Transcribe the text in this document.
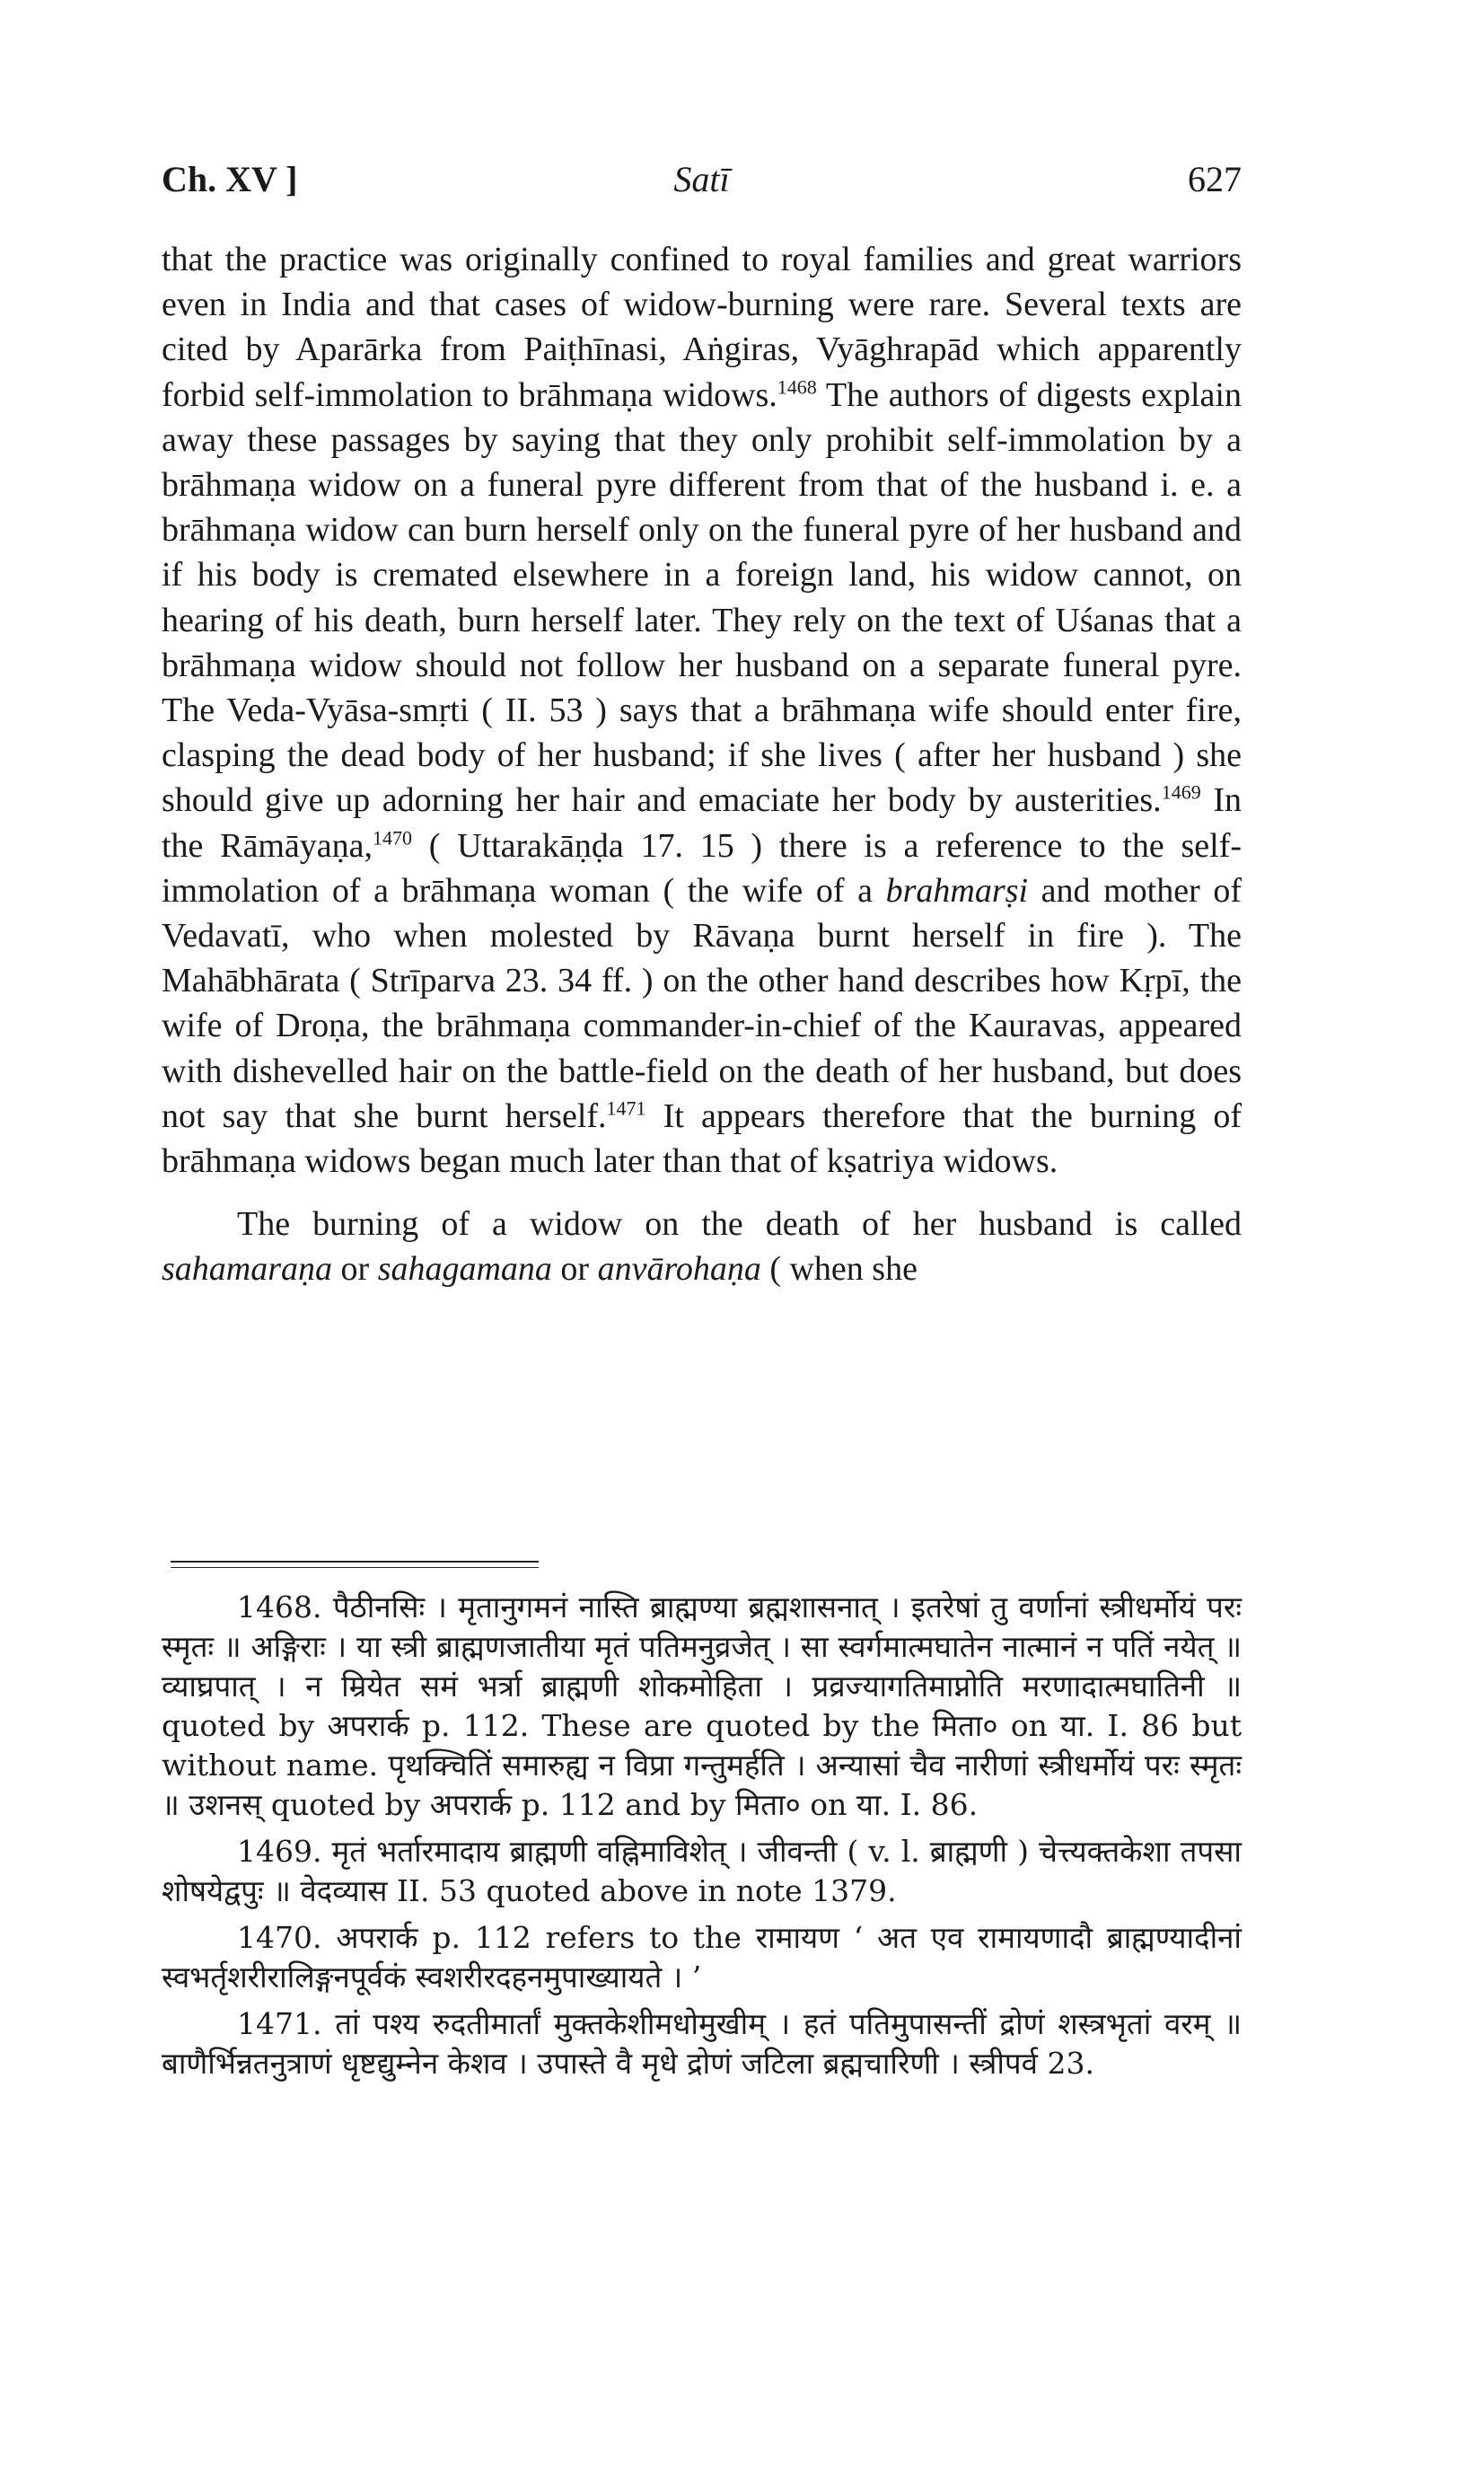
Ch. XV ]	Satī	627

that the practice was originally confined to royal families and great warriors even in India and that cases of widow-burning were rare. Several texts are cited by Aparārka from Paiṭhīnasi, Aṅgiras, Vyāghrapād which apparently forbid self-immolation to brāhmaṇa widows.$^{1468}$ The authors of digests explain away these passages by saying that they only prohibit self-immolation by a brāhmaṇa widow on a funeral pyre different from that of the husband i. e. a brāhmaṇa widow can burn herself only on the funeral pyre of her husband and if his body is cremated elsewhere in a foreign land, his widow cannot, on hearing of his death, burn herself later. They rely on the text of Uśanas that a brāhmaṇa widow should not follow her husband on a separate funeral pyre. The Veda-Vyāsa-smṛti ( II. 53 ) says that a brāhmaṇa wife should enter fire, clasping the dead body of her husband; if she lives ( after her husband ) she should give up adorning her hair and emaciate her body by austerities.$^{1469}$ In the Rāmāyaṇa,$^{1470}$ ( Uttarakāṇḍa 17. 15 ) there is a reference to the self-immolation of a brāhmaṇa woman ( the wife of a brahmarṣi and mother of Vedavatī, who when molested by Rāvaṇa burnt herself in fire ). The Mahābhārata ( Strīparva 23. 34 ff. ) on the other hand describes how Kṛpī, the wife of Droṇa, the brāhmaṇa commander-in-chief of the Kauravas, appeared with dishevelled hair on the battle-field on the death of her husband, but does not say that she burnt herself.$^{1471}$ It appears therefore that the burning of brāhmaṇa widows began much later than that of kṣatriya widows.

The burning of a widow on the death of her husband is called sahamaraṇa or sahagamana or anvārohaṇa ( when she

1468. पैठीनसिः । मृतानुगमनं नास्ति ब्राह्मण्या ब्रह्मशासनात् । इतरेषां तु वर्णानां स्त्रीधर्मोयं परः स्मृतः ॥ अङ्गिराः । या स्त्री ब्राह्मणजातीया मृतं पतिमनुव्रजेत् । सा स्वर्गमात्मघातेन नात्मानं न पतिं नयेत् ॥ व्याघ्रपात् । न म्रियेत समं भर्त्रा ब्राह्मणी शोकमोहिता । प्रव्रज्यागतिमाप्नोति मरणादात्मघातिनी ॥ quoted by अपरार्क p. 112. These are quoted by the मिता० on या. I. 86 but without name. पृथक्चितिं समारुह्य न विप्रा गन्तुमर्हति । अन्यासां चैव नारीणां स्त्रीधर्मोयं परः स्मृतः ॥ उशनस् quoted by अपरार्क p. 112 and by मिता० on या. I. 86.

1469. मृतं भर्तारमादाय ब्राह्मणी वह्निमाविशेत् । जीवन्ती ( v. l. ब्राह्मणी ) चेत्त्यक्तकेशा तपसा शोषयेद्वपुः ॥ वेदव्यास II. 53 quoted above in note 1379.

1470. अपरार्क p. 112 refers to the रामायण ‘ अत एव रामायणादौ ब्राह्मण्यादीनां स्वभर्तृशरीरालिङ्गनपूर्वकं स्वशरीरदहनमुपाख्यायते । ’

1471. तां पश्य रुदतीमार्तां मुक्तकेशीमधोमुखीम् । हतं पतिमुपासन्तीं द्रोणं शस्त्रभृतां वरम् ॥ बाणैर्भिन्नतनुत्राणं धृष्टद्युम्नेन केशव । उपास्ते वै मृधे द्रोणं जटिला ब्रह्मचारिणी । स्त्रीपर्व 23.
